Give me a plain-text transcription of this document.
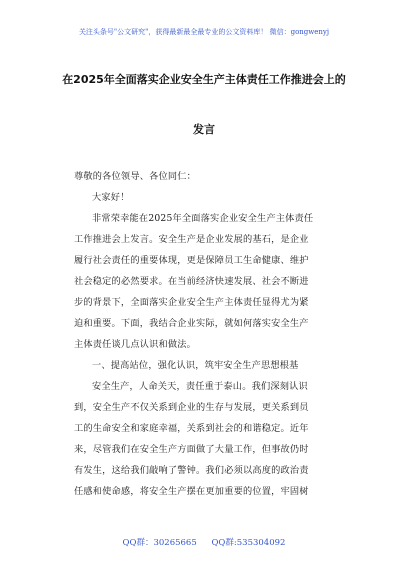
关注头条号"公文研究"，获得最新最全最专业的公文资料库！ 微信：gongwenyj
在2025年全面落实企业安全生产主体责任工作推进会上的
发言
尊敬的各位领导、各位同仁：
大家好！
非常荣幸能在2025年全面落实企业安全生产主体责任
工作推进会上发言。安全生产是企业发展的基石，是企业
履行社会责任的重要体现，更是保障员工生命健康、维护
社会稳定的必然要求。在当前经济快速发展、社会不断进
步的背景下，全面落实企业安全生产主体责任显得尤为紧
迫和重要。下面，我结合企业实际，就如何落实安全生产
主体责任谈几点认识和做法。
一、提高站位，强化认识，筑牢安全生产思想根基
安全生产，人命关天，责任重于泰山。我们深刻认识
到，安全生产不仅关系到企业的生存与发展，更关系到员
工的生命安全和家庭幸福，关系到社会的和谐稳定。近年
来，尽管我们在安全生产方面做了大量工作，但事故仍时
有发生，这给我们敲响了警钟。我们必须以高度的政治责
任感和使命感，将安全生产摆在更加重要的位置，牢固树
QQ群：30265665 QQ群:535304092
